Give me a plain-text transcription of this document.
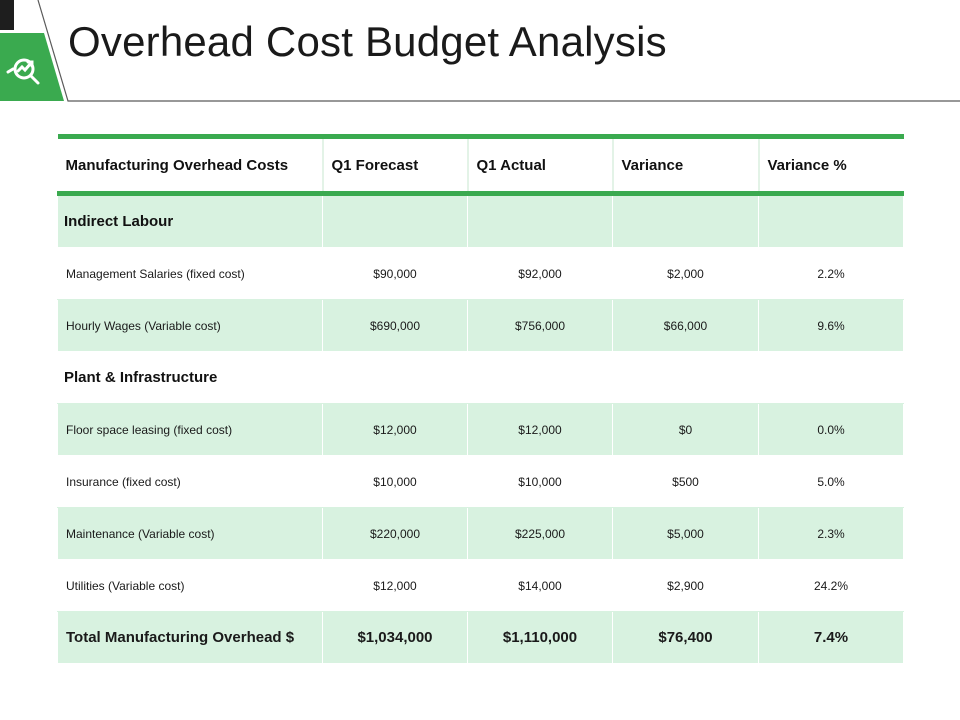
Overhead Cost Budget Analysis
Manufacturing Overhead Costs	Q1 Forecast	Q1 Actual	Variance	Variance %
Indirect Labour				
Management Salaries (fixed cost)	$90,000	$92,000	$2,000	2.2%
Hourly Wages (Variable cost)	$690,000	$756,000	$66,000	9.6%
Plant & Infrastructure				
Floor space leasing (fixed cost)	$12,000	$12,000	$0	0.0%
Insurance (fixed cost)	$10,000	$10,000	$500	5.0%
Maintenance (Variable cost)	$220,000	$225,000	$5,000	2.3%
Utilities (Variable cost)	$12,000	$14,000	$2,900	24.2%
Total Manufacturing Overhead $	$1,034,000	$1,110,000	$76,400	7.4%
